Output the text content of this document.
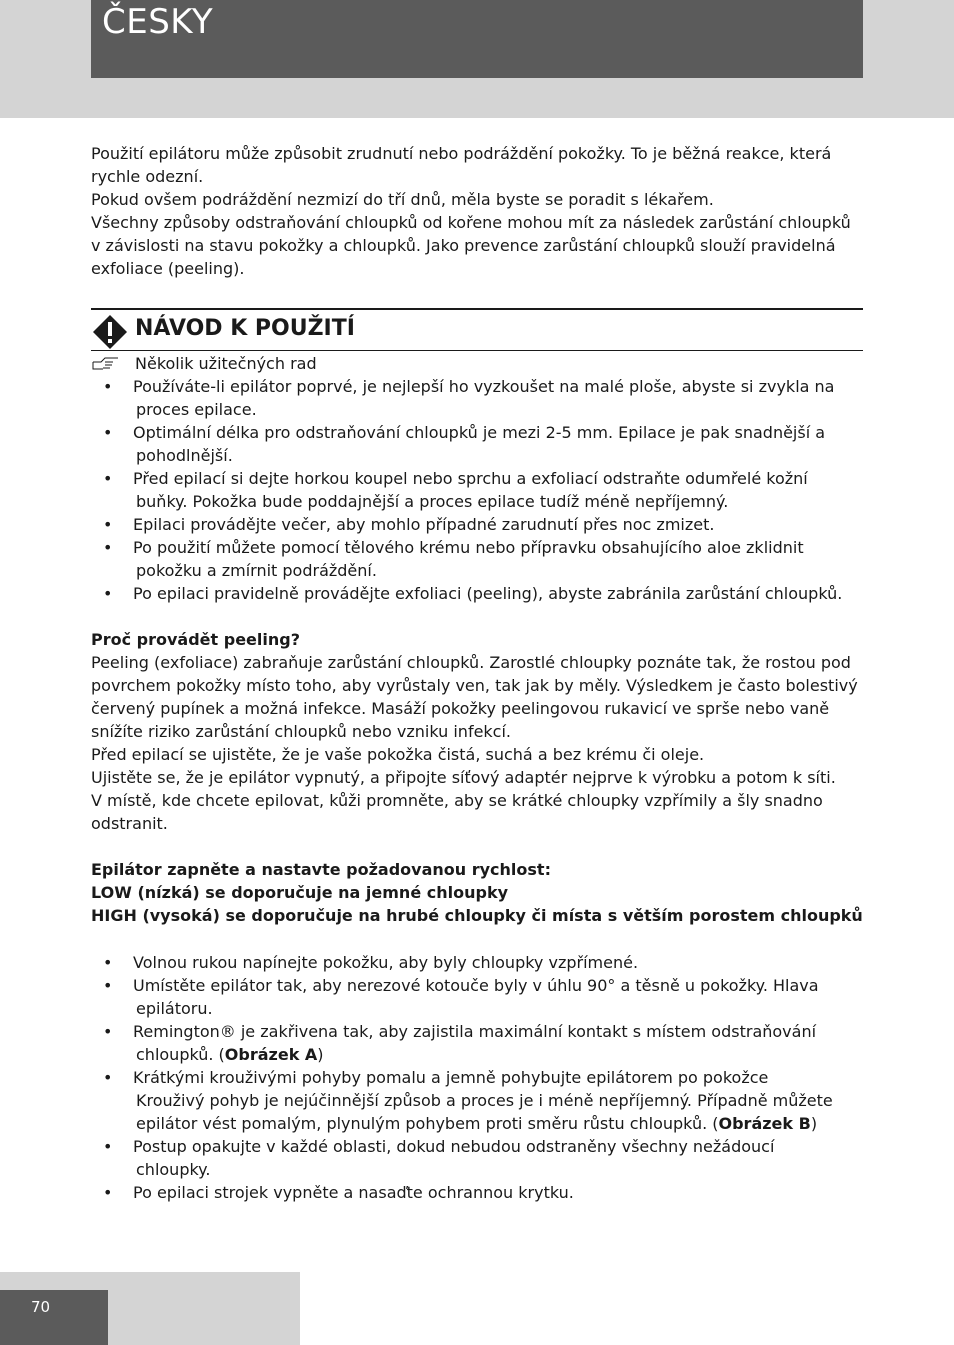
ČESKY

Použití epilátoru může způsobit zrudnutí nebo podráždění pokožky. To je běžná reakce, která rychle odezní.

Pokud ovšem podráždění nezmizí do tří dnů, měla byste se poradit s lékařem.

Všechny způsoby odstraňování chloupků od kořene mohou mít za následek zarůstání chloupků v závislosti na stavu pokožky a chloupků. Jako prevence zarůstání chloupků slouží pravidelná exfoliace (peeling).

NÁVOD K POUŽITÍ
Několik užitečných rad
• Používáte-li epilátor poprvé, je nejlepší ho vyzkoušet na malé ploše, abyste si zvykla na
proces epilace.
• Optimální délka pro odstraňování chloupků je mezi 2-5 mm. Epilace je pak snadnější a
pohodlnější.
• Před epilací si dejte horkou koupel nebo sprchu a exfoliací odstraňte odumřelé kožní
buňky. Pokožka bude poddajnější a proces epilace tudíž méně nepříjemný.
• Epilaci provádějte večer, aby mohlo případné zarudnutí přes noc zmizet.
• Po použití můžete pomocí tělového krému nebo přípravku obsahujícího aloe zklidnit
pokožku a zmírnit podráždění.
• Po epilaci pravidelně provádějte exfoliaci (peeling), abyste zabránila zarůstání chloupků.

Proč provádět peeling?

Peeling (exfoliace) zabraňuje zarůstání chloupků. Zarostlé chloupky poznáte tak, že rostou pod povrchem pokožky místo toho, aby vyrůstaly ven, tak jak by měly. Výsledkem je často bolestivý červený pupínek a možná infekce. Masáží pokožky peelingovou rukavicí ve sprše nebo vaně snížíte riziko zarůstání chloupků nebo vzniku infekcí.

Před epilací se ujistěte, že je vaše pokožka čistá, suchá a bez krému či oleje.

Ujistěte se, že je epilátor vypnutý, a připojte síťový adaptér nejprve k výrobku a potom k síti.

V místě, kde chcete epilovat, kůži promněte, aby se krátké chloupky vzpřímily a šly snadno odstranit.

Epilátor zapněte a nastavte požadovanou rychlost:

LOW (nízká) se doporučuje na jemné chloupky

HIGH (vysoká) se doporučuje na hrubé chloupky či místa s větším porostem chloupků

• Volnou rukou napínejte pokožku, aby byly chloupky vzpřímené.
• Umístěte epilátor tak, aby nerezové kotouče byly v úhlu 90° a těsně u pokožky. Hlava
epilátoru.
• Remington® je zakřivena tak, aby zajistila maximální kontakt s místem odstraňování
chloupků. (Obrázek A)
• Krátkými krouživými pohyby pomalu a jemně pohybujte epilátorem po pokožce
Krouživý pohyb je nejúčinnější způsob a proces je i méně nepříjemný. Případně můžete
epilátor vést pomalým, plynulým pohybem proti směru růstu chloupků. (Obrázek B)
• Postup opakujte v každé oblasti, dokud nebudou odstraněny všechny nežádoucí
chloupky.
• Po epilaci strojek vypněte a nasaďte ochrannou krytku.
70
